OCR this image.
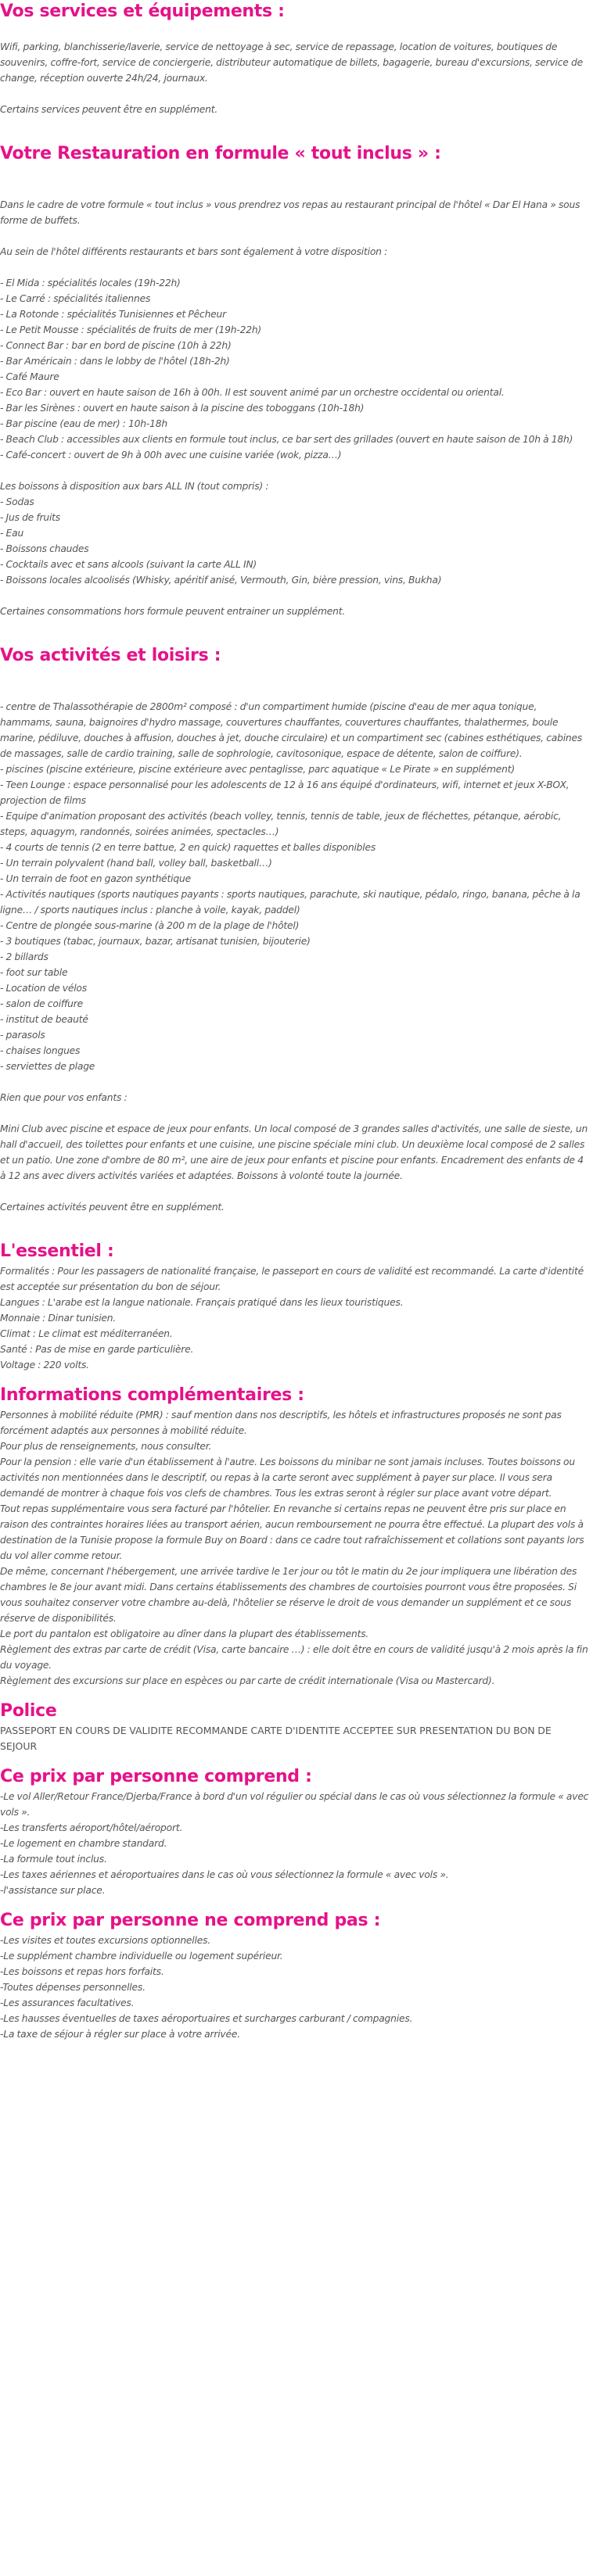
Vos services et équipements :
Wifi, parking, blanchisserie/laverie, service de nettoyage à sec, service de repassage, location de voitures, boutiques de souvenirs, coffre-fort, service de conciergerie, distributeur automatique de billets, bagagerie, bureau d'excursions, service de change, réception ouverte 24h/24, journaux.
Certains services peuvent être en supplément.
Votre Restauration en formule « tout inclus » :
Dans le cadre de votre formule « tout inclus » vous prendrez vos repas au restaurant principal de l'hôtel « Dar El Hana » sous forme de buffets.
Au sein de l'hôtel différents restaurants et bars sont également à votre disposition :
- El Mida : spécialités locales (19h-22h)
- Le Carré : spécialités italiennes
- La Rotonde : spécialités Tunisiennes et Pêcheur
- Le Petit Mousse : spécialités de fruits de mer (19h-22h)
- Connect Bar : bar en bord de piscine (10h à 22h)
- Bar Américain : dans le lobby de l'hôtel (18h-2h)
- Café Maure
- Eco Bar : ouvert en haute saison de 16h à 00h. Il est souvent animé par un orchestre occidental ou oriental.
- Bar les Sirènes : ouvert en haute saison à la piscine des toboggans (10h-18h)
- Bar piscine (eau de mer) : 10h-18h
- Beach Club : accessibles aux clients en formule tout inclus, ce bar sert des grillades (ouvert en haute saison de 10h à 18h)
- Café-concert : ouvert de 9h à 00h avec une cuisine variée (wok, pizza…)
Les boissons à disposition aux bars ALL IN (tout compris) :
- Sodas
- Jus de fruits
- Eau
- Boissons chaudes
- Cocktails avec et sans alcools (suivant la carte ALL IN)
- Boissons locales alcoolisés (Whisky, apéritif anisé, Vermouth, Gin, bière pression, vins, Bukha)
Certaines consommations hors formule peuvent entrainer un supplément.
Vos activités et loisirs :
- centre de Thalassothérapie de 2800m² composé : d'un compartiment humide (piscine d'eau de mer aqua tonique, hammams, sauna, baignoires d'hydro massage, couvertures chauffantes, couvertures chauffantes, thalathermes, boule marine, pédiluve, douches à affusion, douches à jet, douche circulaire) et un compartiment sec (cabines esthétiques, cabines de massages, salle de cardio training, salle de sophrologie, cavitosonique, espace de détente, salon de coiffure).
- piscines (piscine extérieure, piscine extérieure avec pentaglisse, parc aquatique « Le Pirate » en supplément)
- Teen Lounge : espace personnalisé pour les adolescents de 12 à 16 ans équipé d'ordinateurs, wifi, internet et jeux X-BOX, projection de films
- Equipe d'animation proposant des activités (beach volley, tennis, tennis de table, jeux de fléchettes, pétanque, aérobic, steps, aquagym, randonnés, soirées animées, spectacles…)
- 4 courts de tennis (2 en terre battue, 2 en quick) raquettes et balles disponibles
- Un terrain polyvalent (hand ball, volley ball, basketball…)
- Un terrain de foot en gazon synthétique
- Activités nautiques (sports nautiques payants : sports nautiques, parachute, ski nautique, pédalo, ringo, banana, pêche à la ligne… / sports nautiques inclus : planche à voile, kayak, paddel)
- Centre de plongée sous-marine (à 200 m de la plage de l'hôtel)
- 3 boutiques (tabac, journaux, bazar, artisanat tunisien, bijouterie)
- 2 billards
- foot sur table
- Location de vélos
- salon de coiffure
- institut de beauté
- parasols
- chaises longues
- serviettes de plage
Rien que pour vos enfants :
Mini Club avec piscine et espace de jeux pour enfants. Un local composé de 3 grandes salles d'activités, une salle de sieste, un hall d'accueil, des toilettes pour enfants et une cuisine, une piscine spéciale mini club. Un deuxième local composé de 2 salles et un patio. Une zone d'ombre de 80 m², une aire de jeux pour enfants et piscine pour enfants. Encadrement des enfants de 4 à 12 ans avec divers activités variées et adaptées. Boissons à volonté toute la journée.
Certaines activités peuvent être en supplément.
L'essentiel :
Formalités : Pour les passagers de nationalité française, le passeport en cours de validité est recommandé. La carte d'identité est acceptée sur présentation du bon de séjour.
Langues : L'arabe est la langue nationale. Français pratiqué dans les lieux touristiques.
Monnaie : Dinar tunisien.
Climat : Le climat est méditerranéen.
Santé : Pas de mise en garde particulière.
Voltage : 220 volts.
Informations complémentaires :
Personnes à mobilité réduite (PMR) : sauf mention dans nos descriptifs, les hôtels et infrastructures proposés ne sont pas forcément adaptés aux personnes à mobilité réduite.
Pour plus de renseignements, nous consulter.
Pour la pension : elle varie d'un établissement à l'autre. Les boissons du minibar ne sont jamais incluses. Toutes boissons ou activités non mentionnées dans le descriptif, ou repas à la carte seront avec supplément à payer sur place. Il vous sera demandé de montrer à chaque fois vos clefs de chambres. Tous les extras seront à régler sur place avant votre départ.
Tout repas supplémentaire vous sera facturé par l'hôtelier. En revanche si certains repas ne peuvent être pris sur place en raison des contraintes horaires liées au transport aérien, aucun remboursement ne pourra être effectué. La plupart des vols à destination de la Tunisie propose la formule Buy on Board : dans ce cadre tout rafraîchissement et collations sont payants lors du vol aller comme retour.
De même, concernant l'hébergement, une arrivée tardive le 1er jour ou tôt le matin du 2e jour impliquera une libération des chambres le 8e jour avant midi. Dans certains établissements des chambres de courtoisies pourront vous être proposées. Si vous souhaitez conserver votre chambre au-delà, l'hôtelier se réserve le droit de vous demander un supplément et ce sous réserve de disponibilités.
Le port du pantalon est obligatoire au dîner dans la plupart des établissements.
Règlement des extras par carte de crédit (Visa, carte bancaire …) : elle doit être en cours de validité jusqu'à 2 mois après la fin du voyage.
Règlement des excursions sur place en espèces ou par carte de crédit internationale (Visa ou Mastercard).
Police
PASSEPORT EN COURS DE VALIDITE RECOMMANDE CARTE D'IDENTITE ACCEPTEE SUR PRESENTATION DU BON DE SEJOUR
Ce prix par personne comprend :
-Le vol Aller/Retour France/Djerba/France à bord d'un vol régulier ou spécial dans le cas où vous sélectionnez la formule « avec vols ».
-Les transferts aéroport/hôtel/aéroport.
-Le logement en chambre standard.
-La formule tout inclus.
-Les taxes aériennes et aéroportuaires dans le cas où vous sélectionnez la formule « avec vols ».
-l'assistance sur place.
Ce prix par personne ne comprend pas :
-Les visites et toutes excursions optionnelles.
-Le supplément chambre individuelle ou logement supérieur.
-Les boissons et repas hors forfaits.
-Toutes dépenses personnelles.
-Les assurances facultatives.
-Les hausses éventuelles de taxes aéroportuaires et surcharges carburant / compagnies.
-La taxe de séjour à régler sur place à votre arrivée.
